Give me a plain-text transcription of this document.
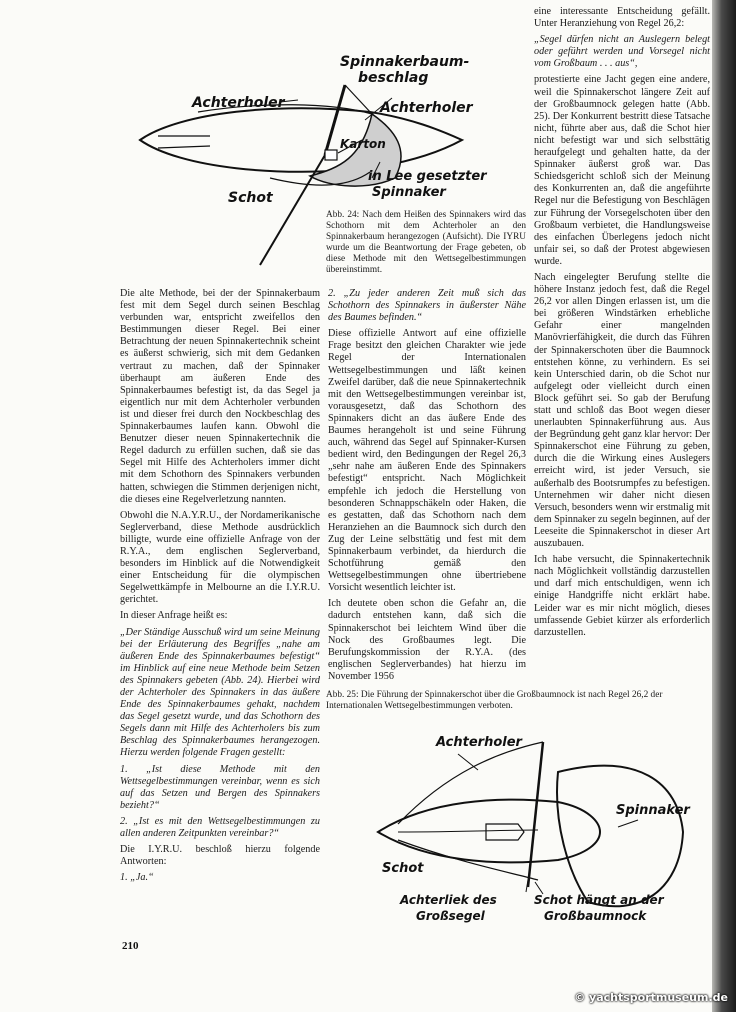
Spinnakerbaum-
beschlag
Achterholer	Achterholer
Karton
in Lee gesetzter
Spinnaker
Schot
Abb. 24: Nach dem Heißen des Spinnakers wird das Schothorn mit dem Achterholer an den Spinnakerbaum herangezogen (Aufsicht). Die IYRU wurde um die Beantwortung der Frage gebeten, ob diese Methode mit den Wettsegelbestimmungen übereinstimmt.

Die alte Methode, bei der der Spinnakerbaum fest mit dem Segel durch seinen Beschlag verbunden war, entspricht zweifellos den Bestimmungen dieser Regel. Bei einer Betrachtung der neuen Spinnakertechnik scheint es äußerst schwierig, sich mit dem Gedanken vertraut zu machen, daß der Spinnaker überhaupt am äußeren Ende des Spinnakerbaumes befestigt ist, da das Segel ja eigentlich nur mit dem Achterholer verbunden ist und dieser frei durch den Nockbeschlag des Spinnakerbaumes laufen kann. Obwohl die Benutzer dieser neuen Spinnakertechnik die Regel dadurch zu erfüllen suchen, daß sie das Segel mit Hilfe des Achterholers immer dicht mit dem Schothorn des Spinnakers verbunden hatten, schwiegen die Stimmen derjenigen nicht, die dieses eine Regelverletzung nannten.

Obwohl die N.A.Y.R.U., der Nordamerikanische Seglerverband, diese Methode ausdrücklich billigte, wurde eine offizielle Anfrage von der R.Y.A., dem englischen Seglerverband, besonders im Hinblick auf die Notwendigkeit einer Entscheidung für die olympischen Segelwettkämpfe in Melbourne an die I.Y.R.U. gerichtet.

In dieser Anfrage heißt es:

„Der Ständige Ausschuß wird um seine Meinung bei der Erläuterung des Begriffes „nahe am äußeren Ende des Spinnakerbaumes befestigt“ im Hinblick auf eine neue Methode beim Setzen des Spinnakers gebeten (Abb. 24). Hierbei wird der Achterholer des Spinnakers in das äußere Ende des Spinnakerbaumes gehakt, nachdem das Segel gesetzt wurde, und das Schothorn des Segels dann mit Hilfe des Achterholers bis zum Beschlag des Spinnakerbaumes herangezogen. Hierzu werden folgende Fragen gestellt:

1. „Ist diese Methode mit den Wettsegelbestimmungen vereinbar, wenn es sich auf das Setzen und Bergen des Spinnakers bezieht?“

2. „Ist es mit den Wettsegelbestimmungen zu allen anderen Zeitpunkten vereinbar?“

Die I.Y.R.U. beschloß hierzu folgende Antworten:

1. „Ja.“

2. „Zu jeder anderen Zeit muß sich das Schothorn des Spinnakers in äußerster Nähe des Baumes befinden.“

Diese offizielle Antwort auf eine offizielle Frage besitzt den gleichen Charakter wie jede Regel der Internationalen Wettsegelbestimmungen und läßt keinen Zweifel darüber, daß die neue Spinnakertechnik mit den Wettsegelbestimmungen vereinbar ist, vorausgesetzt, daß das Schothorn des Spinnakers dicht an das äußere Ende des Baumes herangeholt ist und seine Führung auch, während das Segel auf Spinnaker-Kursen bedient wird, den Bedingungen der Regel 26,3 „sehr nahe am äußeren Ende des Spinnakers befestigt“ entspricht. Nach Möglichkeit empfehle ich jedoch die Herstellung von besonderen Schnappschäkeln oder Haken, die es gestatten, daß das Schothorn nach dem Heranziehen an die Baumnock sich durch den Zug der Leine selbsttätig und fest mit dem Spinnakerbaum verbindet, da hierdurch die Schotführung gemäß den Wettsegelbestimmungen ohne übertriebene Vorsicht wesentlich leichter ist.

Ich deutete oben schon die Gefahr an, die dadurch entstehen kann, daß sich die Spinnakerschot bei leichtem Wind über die Nock des Großbaumes legt. Die Berufungskommission der R.Y.A. (des englischen Seglerverbandes) hat hierzu im November 1956

eine interessante Entscheidung gefällt. Unter Heranziehung von Regel 26,2:

„Segel dürfen nicht an Auslegern belegt oder geführt werden und Vorsegel nicht vom Großbaum . . . aus“,

protestierte eine Jacht gegen eine andere, weil die Spinnakerschot längere Zeit auf der Großbaumnock gelegen hatte (Abb. 25). Der Konkurrent bestritt diese Tatsache nicht, führte aber aus, daß die Schot hier nicht befestigt war und sich selbsttätig heraufgelegt und gehalten hatte, da der Spinnaker äußerst groß war. Das Schiedsgericht schloß sich der Meinung des Konkurrenten an, daß die angeführte Regel nur die Befestigung von Beschlägen zur Führung der Vorsegelschoten über den Großbaum verbietet, die Handlungsweise des einfachen Überlegens jedoch nicht unfair sei, so daß der Protest abgewiesen wurde.

Nach eingelegter Berufung stellte die höhere Instanz jedoch fest, daß die Regel 26,2 vor allen Dingen erlassen ist, um die bei größeren Windstärken erhebliche Gefahr einer mangelnden Manövrierfähigkeit, die durch das Führen der Spinnakerschoten über die Baumnock entstehen könne, zu verhindern. Es sei kein Unterschied darin, ob die Schot nur aufgelegt oder vielleicht durch einen Block geführt sei. So gab der Berufung statt und schloß das Boot wegen dieser unerlaubten Spinnakerführung aus. Aus der Begründung geht ganz klar hervor: Der Spinnakerschot eine Führung zu geben, durch die die Wirkung eines Auslegers erreicht wird, ist jeder Versuch, sie außerhalb des Bootsrumpfes zu befestigen. Unternehmen wir daher nicht diesen Versuch, besonders wenn wir erstmalig mit dem Spinnaker zu segeln beginnen, auf der Leeseite die Spinnakerschot in dieser Art auszubauen.

Ich habe versucht, die Spinnakertechnik nach Möglichkeit vollständig darzustellen und darf mich entschuldigen, wenn ich einige Handgriffe nicht erklärt habe. Leider war es mir nicht möglich, dieses umfassende Gebiet kürzer als erforderlich darzustellen.

Abb. 25: Die Führung der Spinnakerschot über die Großbaumnock ist nach Regel 26,2 der Internationalen Wettsegelbestimmungen verboten.
Achterholer
Spinnaker
Schot
Achterliek des
Großsegel
Schot hängt an der
Großbaumnock
210
© yachtsportmuseum.de
